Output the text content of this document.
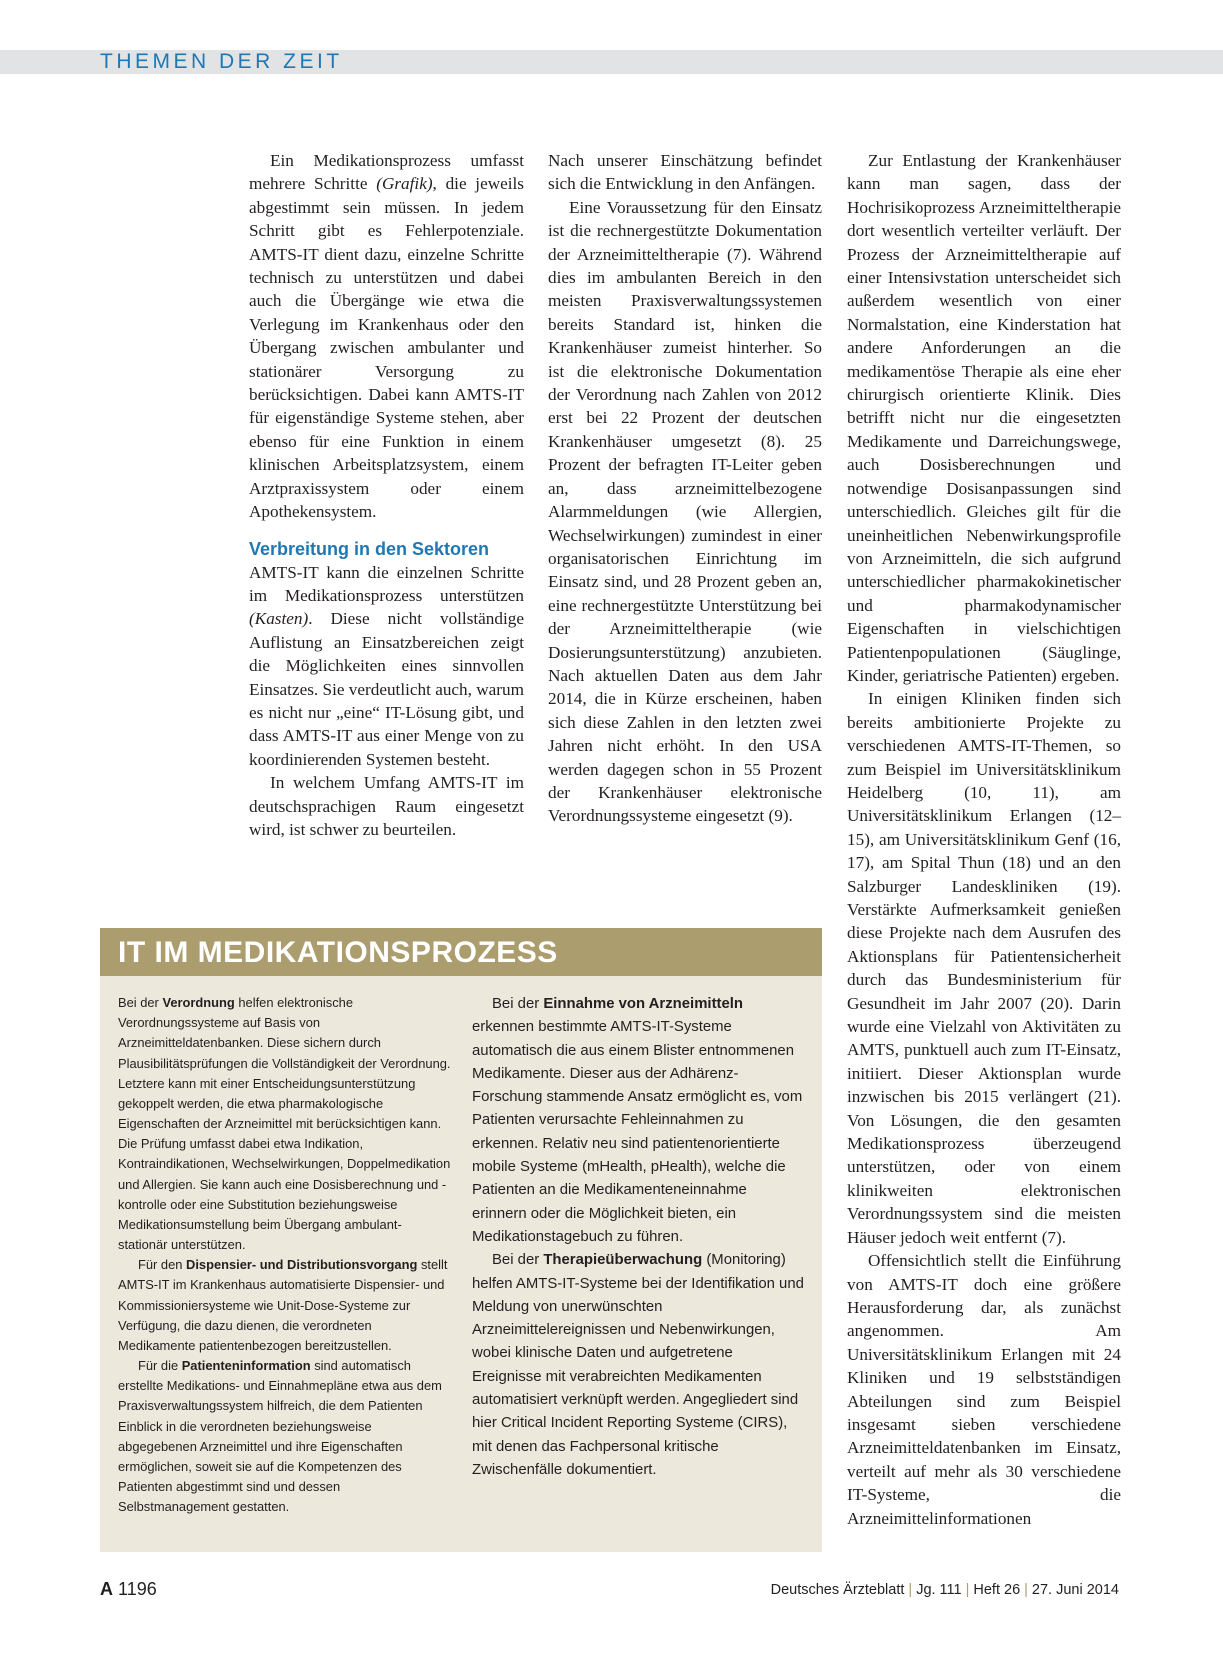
THEMEN DER ZEIT

Ein Medikationsprozess umfasst mehrere Schritte (Grafik), die jeweils abgestimmt sein müssen. In jedem Schritt gibt es Fehlerpotenziale. AMTS-IT dient dazu, einzelne Schritte technisch zu unterstützen und dabei auch die Übergänge wie etwa die Verlegung im Krankenhaus oder den Übergang zwischen ambulanter und stationärer Versorgung zu berücksichtigen. Dabei kann AMTS-IT für eigenständige Systeme stehen, aber ebenso für eine Funktion in einem klinischen Arbeitsplatzsystem, einem Arztpraxissystem oder einem Apothekensystem.

Verbreitung in den Sektoren

AMTS-IT kann die einzelnen Schritte im Medikationsprozess unterstützen (Kasten). Diese nicht vollständige Auflistung an Einsatzbereichen zeigt die Möglichkeiten eines sinnvollen Einsatzes. Sie verdeutlicht auch, warum es nicht nur „eine“ IT-Lösung gibt, und dass AMTS-IT aus einer Menge von zu koordinierenden Systemen besteht.

In welchem Umfang AMTS-IT im deutschsprachigen Raum eingesetzt wird, ist schwer zu beurteilen.

Nach unserer Einschätzung befindet sich die Entwicklung in den Anfängen.

Eine Voraussetzung für den Einsatz ist die rechnergestützte Dokumentation der Arzneimitteltherapie (7). Während dies im ambulanten Bereich in den meisten Praxisverwaltungssystemen bereits Standard ist, hinken die Krankenhäuser zumeist hinterher. So ist die elektronische Dokumentation der Verordnung nach Zahlen von 2012 erst bei 22 Prozent der deutschen Krankenhäuser umgesetzt (8). 25 Prozent der befragten IT-Leiter geben an, dass arzneimittelbezogene Alarmmeldungen (wie Allergien, Wechselwirkungen) zumindest in einer organisatorischen Einrichtung im Einsatz sind, und 28 Prozent geben an, eine rechnergestützte Unterstützung bei der Arzneimitteltherapie (wie Dosierungsunterstützung) anzubieten. Nach aktuellen Daten aus dem Jahr 2014, die in Kürze erscheinen, haben sich diese Zahlen in den letzten zwei Jahren nicht erhöht. In den USA werden dagegen schon in 55 Prozent der Krankenhäuser elektronische Verordnungssysteme eingesetzt (9).

Zur Entlastung der Krankenhäuser kann man sagen, dass der Hochrisikoprozess Arzneimitteltherapie dort wesentlich verteilter verläuft. Der Prozess der Arzneimitteltherapie auf einer Intensivstation unterscheidet sich außerdem wesentlich von einer Normalstation, eine Kinderstation hat andere Anforderungen an die medikamentöse Therapie als eine eher chirurgisch orientierte Klinik. Dies betrifft nicht nur die eingesetzten Medikamente und Darreichungswege, auch Dosisberechnungen und notwendige Dosisanpassungen sind unterschiedlich. Gleiches gilt für die uneinheitlichen Nebenwirkungsprofile von Arzneimitteln, die sich aufgrund unterschiedlicher pharmakokinetischer und pharmakodynamischer Eigenschaften in vielschichtigen Patientenpopulationen (Säuglinge, Kinder, geriatrische Patienten) ergeben.

In einigen Kliniken finden sich bereits ambitionierte Projekte zu verschiedenen AMTS-IT-Themen, so zum Beispiel im Universitätsklinikum Heidelberg (10, 11), am Universitätsklinikum Erlangen (12–15), am Universitätsklinikum Genf (16, 17), am Spital Thun (18) und an den Salzburger Landeskliniken (19). Verstärkte Aufmerksamkeit genießen diese Projekte nach dem Ausrufen des Aktionsplans für Patientensicherheit durch das Bundesministerium für Gesundheit im Jahr 2007 (20). Darin wurde eine Vielzahl von Aktivitäten zu AMTS, punktuell auch zum IT-Einsatz, initiiert. Dieser Aktionsplan wurde inzwischen bis 2015 verlängert (21). Von Lösungen, die den gesamten Medikationsprozess überzeugend unterstützen, oder von einem klinikweiten elektronischen Verordnungssystem sind die meisten Häuser jedoch weit entfernt (7).

Offensichtlich stellt die Einführung von AMTS-IT doch eine größere Herausforderung dar, als zunächst angenommen. Am Universitätsklinikum Erlangen mit 24 Kliniken und 19 selbstständigen Abteilungen sind zum Beispiel insgesamt sieben verschiedene Arzneimitteldatenbanken im Einsatz, verteilt auf mehr als 30 verschiedene IT-Systeme, die Arzneimittelinformationen

IT IM MEDIKATIONSPROZESS

Bei der Verordnung helfen elektronische Verordnungssysteme auf Basis von Arzneimitteldatenbanken. Diese sichern durch Plausibilitätsprüfungen die Vollständigkeit der Verordnung. Letztere kann mit einer Entscheidungsunterstützung gekoppelt werden, die etwa pharmakologische Eigenschaften der Arzneimittel mit berücksichtigen kann. Die Prüfung umfasst dabei etwa Indikation, Kontraindikationen, Wechselwirkungen, Doppelmedikation und Allergien. Sie kann auch eine Dosisberechnung und -kontrolle oder eine Substitution beziehungsweise Medikationsumstellung beim Übergang ambulant-stationär unterstützen.

Für den Dispensier- und Distributionsvorgang stellt AMTS-IT im Krankenhaus automatisierte Dispensier- und Kommissioniersysteme wie Unit-Dose-Systeme zur Verfügung, die dazu dienen, die verordneten Medikamente patientenbezogen bereitzustellen.

Für die Patienteninformation sind automatisch erstellte Medikations- und Einnahmepläne etwa aus dem Praxisverwaltungssystem hilfreich, die dem Patienten Einblick in die verordneten beziehungsweise abgegebenen Arzneimittel und ihre Eigenschaften ermöglichen, soweit sie auf die Kompetenzen des Patienten abgestimmt sind und dessen Selbstmanagement gestatten.

Bei der Einnahme von Arzneimitteln erkennen bestimmte AMTS-IT-Systeme automatisch die aus einem Blister entnommenen Medikamente. Dieser aus der Adhärenz-Forschung stammende Ansatz ermöglicht es, vom Patienten verursachte Fehleinnahmen zu erkennen. Relativ neu sind patientenorientierte mobile Systeme (mHealth, pHealth), welche die Patienten an die Medikamenteneinnahme erinnern oder die Möglichkeit bieten, ein Medikationstagebuch zu führen.

Bei der Therapieüberwachung (Monitoring) helfen AMTS-IT-Systeme bei der Identifikation und Meldung von unerwünschten Arzneimittelereignissen und Nebenwirkungen, wobei klinische Daten und aufgetretene Ereignisse mit verabreichten Medikamenten automatisiert verknüpft werden. Angegliedert sind hier Critical Incident Reporting Systeme (CIRS), mit denen das Fachpersonal kritische Zwischenfälle dokumentiert.

A 1196	Deutsches Ärzteblatt | Jg. 111 | Heft 26 | 27. Juni 2014
